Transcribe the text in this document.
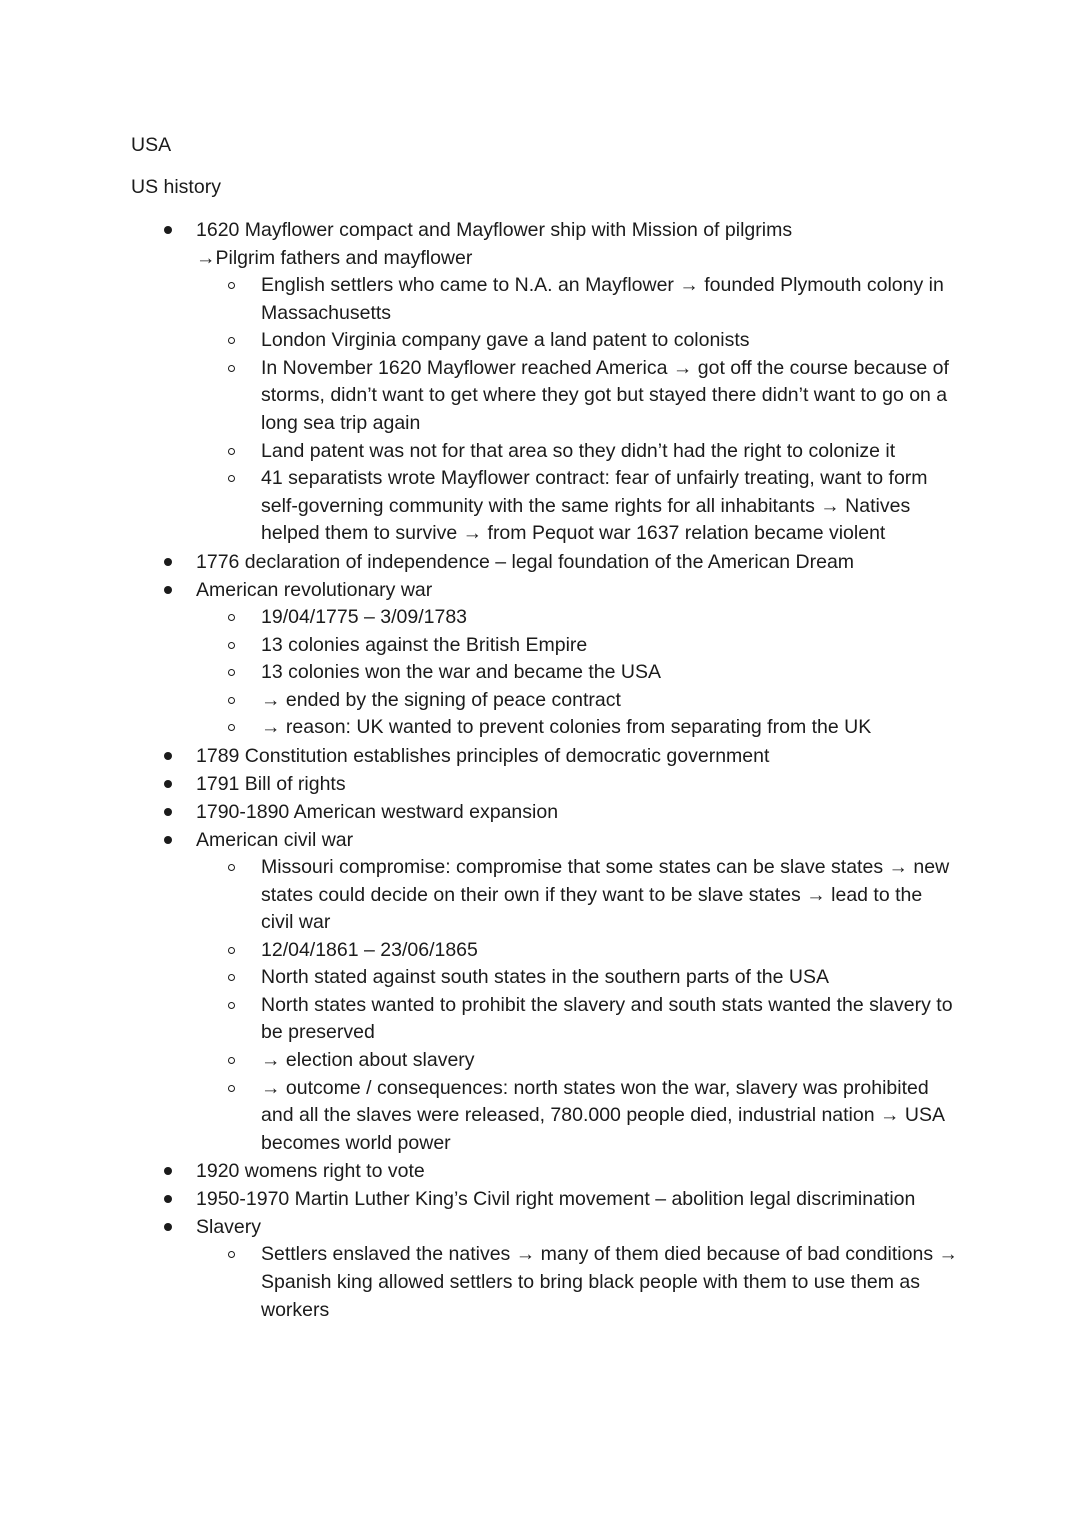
USA
US history
1620 Mayflower compact and Mayflower ship with Mission of pilgrims
→Pilgrim fathers and mayflower
English settlers who came to N.A. an Mayflower → founded Plymouth colony in Massachusetts
London Virginia company gave a land patent to colonists
In November 1620 Mayflower reached America → got off the course because of storms, didn’t want to get where they got but stayed there didn’t want to go on a long sea trip again
Land patent was not for that area so they didn’t had the right to colonize it
41 separatists wrote Mayflower contract: fear of unfairly treating, want to form self-governing community with the same rights for all inhabitants → Natives helped them to survive → from Pequot war 1637 relation became violent
1776 declaration of independence – legal foundation of the American Dream
American revolutionary war
19/04/1775 – 3/09/1783
13 colonies against the British Empire
13 colonies won the war and became the USA
→ ended by the signing of peace contract
→ reason: UK wanted to prevent colonies from separating from the UK
1789 Constitution establishes principles of democratic government
1791 Bill of rights
1790-1890 American westward expansion
American civil war
Missouri compromise: compromise that some states can be slave states → new states could decide on their own if they want to be slave states → lead to the civil war
12/04/1861 – 23/06/1865
North stated against south states in the southern parts of the USA
North states wanted to prohibit the slavery and south stats wanted the slavery to be preserved
→ election about slavery
→ outcome / consequences: north states won the war, slavery was prohibited and all the slaves were released, 780.000 people died, industrial nation → USA becomes world power
1920 womens right to vote
1950-1970 Martin Luther King’s Civil right movement – abolition legal discrimination
Slavery
Settlers enslaved the natives → many of them died because of bad conditions → Spanish king allowed settlers to bring black people with them to use them as workers
